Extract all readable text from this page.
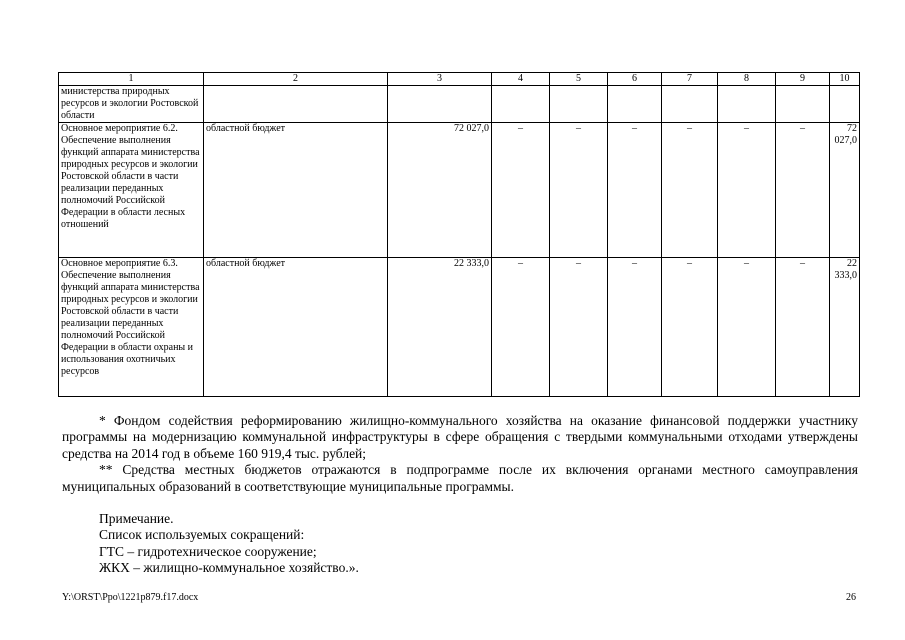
1	2	3	4	5	6	7	8	9	10
министерства природных ресурсов и экологии Ростовской области									
Основное мероприятие 6.2. Обеспечение выполнения функций аппарата министерства природных ресурсов и экологии Ростовской области в части реализации переданных полномочий Российской Федерации в области лесных отношений	областной бюджет	72 027,0	–	–	–	–	–	–	72 027,0
Основное мероприятие 6.3. Обеспечение выполнения функций аппарата министерства природных ресурсов и экологии Ростовской области в части реализации переданных полномочий Российской Федерации в области охраны и использования охотничьих ресурсов	областной бюджет	22 333,0	–	–	–	–	–	–	22 333,0

* Фондом содействия реформированию жилищно-коммунального хозяйства на оказание финансовой поддержки участнику программы на модернизацию коммунальной инфраструктуры в сфере обращения с твердыми коммунальными отходами утверждены средства на 2014 год в объеме 160 919,4 тыс. рублей;

** Средства местных бюджетов отражаются в подпрограмме после их включения органами местного самоуправления муниципальных образований в соответствующие муниципальные программы.

Примечание.
Список используемых сокращений:
ГТС – гидротехническое сооружение;
ЖКХ – жилищно-коммунальное хозяйство.».
Y:\ORST\Ppo\1221p879.f17.docx	26
